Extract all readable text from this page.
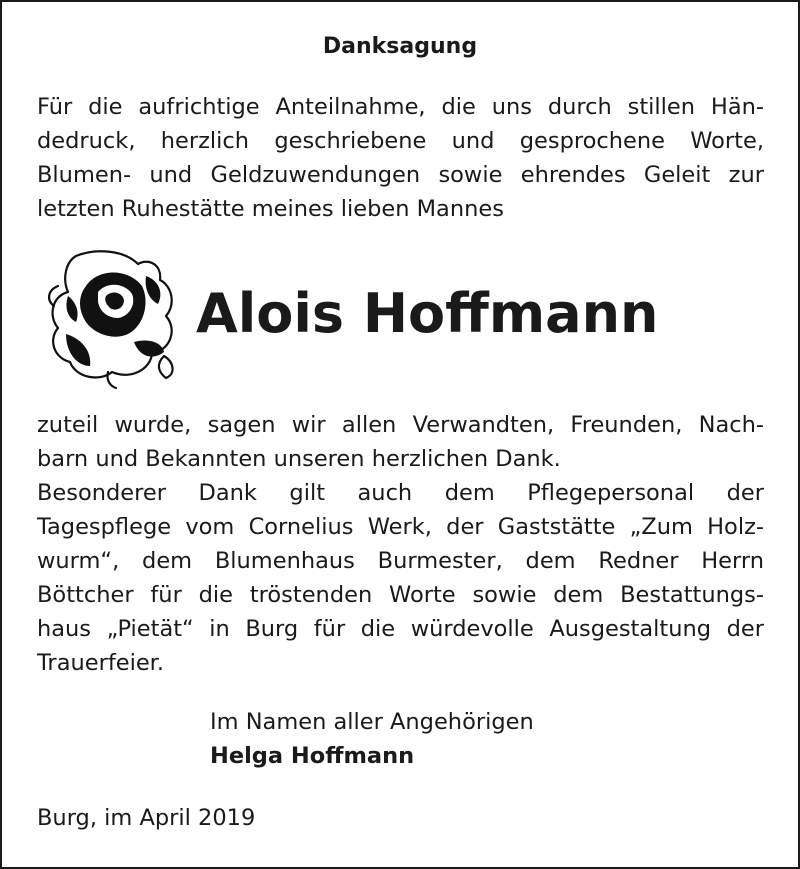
Danksagung
Für die aufrichtige Anteilnahme, die uns durch stillen Hän-
dedruck, herzlich geschriebene und gesprochene Worte,
Blumen- und Geldzuwendungen sowie ehrendes Geleit zur
letzten Ruhestätte meines lieben Mannes
Alois Hoffmann
zuteil wurde, sagen wir allen Verwandten, Freunden, Nach-
barn und Bekannten unseren herzlichen Dank.
Besonderer Dank gilt auch dem Pflegepersonal der
Tagespflege vom Cornelius Werk, der Gaststätte „Zum Holz-
wurm“, dem Blumenhaus Burmester, dem Redner Herrn
Böttcher für die tröstenden Worte sowie dem Bestattungs-
haus „Pietät“ in Burg für die würdevolle Ausgestaltung der
Trauerfeier.
Im Namen aller Angehörigen
Helga Hoffmann
Burg, im April 2019
